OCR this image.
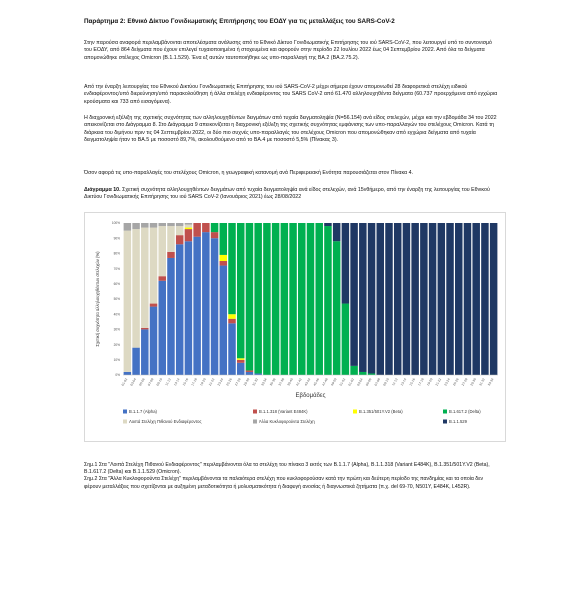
Παράρτημα 2: Εθνικό Δίκτυο Γονιδιωματικής Επιτήρησης του ΕΟΔΥ για τις μεταλλάξεις του SARS-CoV-2

Στην παρούσα αναφορά περιλαμβάνονται αποτελέσματα ανάλυσης από το Εθνικό Δίκτυο Γονιδιωματικής Επιτήρησης του ιού SARS-CoV-2, που λειτουργεί υπό το συντονισμό του ΕΟΔΥ, από 864 δείγματα που έχουν επιλεγεί τυχαιοποιημένα ή στοχευμένα και αφορούν στην περίοδο 22 Ιουλίου 2022 έως 04 Σεπτεμβρίου 2022. Από όλα τα δείγματα απομονώθηκε στέλεχος Omicron (B.1.1.529). Ένα εξ αυτών ταυτοποιήθηκε ως υπο-παραλλαγή της BA.2 (BA.2.75.2).

Από την έναρξη λειτουργίας του Εθνικού Δικτύου Γονιδιωματικής Επιτήρησης του ιού SARS-CoV-2 μέχρι σήμερα έχουν απομονωθεί 28 διαφορετικά στελέχη ειδικού ενδιαφέροντος/υπό διερεύνηση/υπό παρακολούθηση ή άλλα στελέχη ενδιαφέροντος του SARS CoV-2 από 61.470 αλληλουχηθέντα δείγματα (60.737 προερχόμενα από εγχώρια κρούσματα και 733 από εισαγόμενα).

Η διαχρονική εξέλιξη της σχετικής συχνότητας των αλληλουχηθέντων δειγμάτων από τυχαία δειγματοληψία (N=56.154) ανά είδος στελεχών, μέχρι και την εβδομάδα 34 του 2022 απεικονίζεται στο Διάγραμμα 8. Στο Διάγραμμα 9 απεικονίζεται η διαχρονική εξέλιξη της σχετικής συχνότητας εμφάνισης των υπο-παραλλαγών του στελέχους Omicron. Κατά τη διάρκεια του διμήνου πριν τις 04 Σεπτεμβρίου 2022, οι δύο πιο συχνές υπο-παραλλαγές του στελέχους Omicron που απομονώθηκαν από εγχώρια δείγματα από τυχαία δειγματοληψία ήταν το BA.5 με ποσοστό 89,7%, ακολουθούμενο από το BA.4 με ποσοστό 5,5% (Πίνακας 3).

Όσον αφορά τις υπο-παραλλαγές του στελέχους Omicron, η γεωγραφική κατανομή ανά Περιφερειακή Ενότητα παρουσιάζεται στον Πίνακα 4.

Διάγραμμα 10. Σχετική συχνότητα αλληλουχηθέντων δειγμάτων από τυχαία δειγματοληψία ανά είδος στελεχών, ανά 15νθήμερο, από την έναρξη της λειτουργίας του Εθνικού Δικτύου Γονιδιωματικής Επιτήρησης του ιού SARS CoV-2 (Ιανουάριος 2021) έως 28/08/2022

0%
10%
20%
30%
40%
50%
60%
70%
80%
90%
100%
Σχετική συχνότητα αλληλουχηθέντων στελεχών (%)
01-02 03-04 05-06 07-08 09-10 11-12 13-14 15-16 17-18 19-20 21-22 23-24 25-26 27-28 29-30 31-32 33-34 35-36 37-38 39-40 41-42 43-44 45-46 47-48 49-50 51-52 01-02 03-04 05-06 07-08 09-10 11-12 13-14 15-16 17-18 19-20 21-22 23-24 25-26 27-28 29-30 31-32 33-34
Εβδομάδες
B.1.1.7 (Alpha)	B.1.1.318 (Variant E484K)	B.1.351/501Y.V2 (Beta)	B.1.617.2 (Delta)
Λοιπά Στελέχη Πιθανού Ενδιαφέροντος	Άλλα Κυκλοφορούντα Στελέχη	B.1.1.529

Σημ.1 Στα "Λοιπά Στελέχη Πιθανού Ενδιαφέροντος" περιλαμβάνονται όλα τα στελέχη του πίνακα 3 εκτός των B.1.1.7 (Alpha), B.1.1.318 (Variant E484K), B.1.351/501Y.V2 (Beta), B.1.617.2 (Delta) και B.1.1.529 (Omicron).

Σημ.2 Στα "Άλλα Κυκλοφορούντα Στελέχη" περιλαμβάνονται τα παλαιότερα στελέχη που κυκλοφορούσαν κατά την πρώτη και δεύτερη περίοδο της πανδημίας και τα οποία δεν φέρουν μεταλλάξεις που σχετίζονται με αυξημένη μεταδοτικότητα ή μολυσματικότητα ή διαφυγή ανοσίας ή διαγνωστικά ζητήματα (π.χ. del 69-70, N501Y, E484K, L452R).
